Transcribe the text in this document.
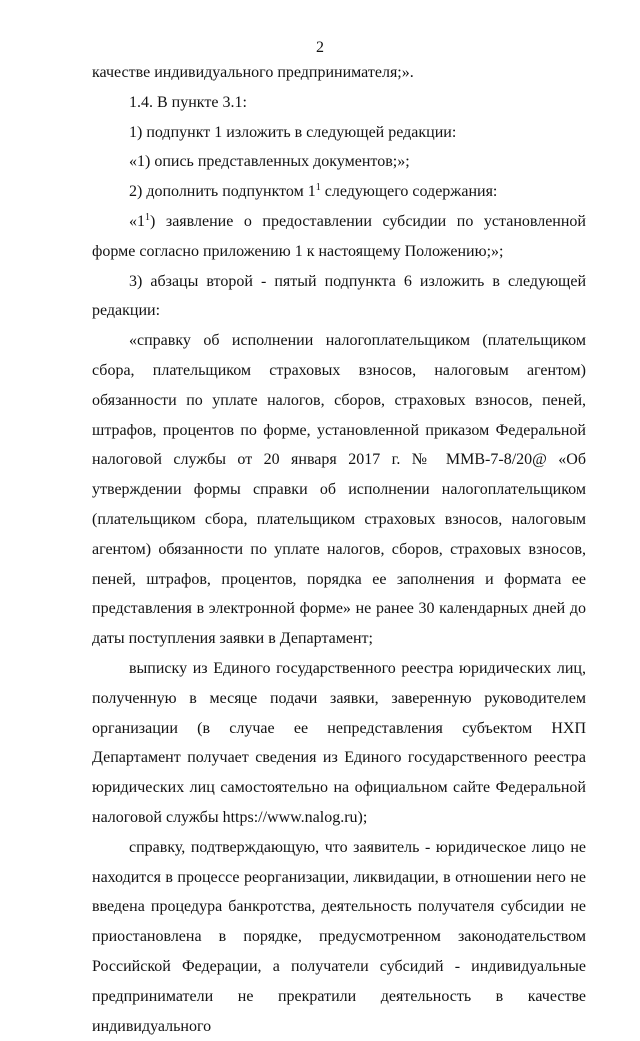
2

качестве индивидуального предпринимателя;».

1.4. В пункте 3.1:

1) подпункт 1 изложить в следующей редакции:

«1) опись представленных документов;»;

2) дополнить подпунктом $1^1$ следующего содержания:

«$1^1$) заявление о предоставлении субсидии по установленной форме согласно приложению 1 к настоящему Положению;»;

3) абзацы второй - пятый подпункта 6 изложить в следующей редакции:

«справку об исполнении налогоплательщиком (плательщиком сбора, плательщиком страховых взносов, налоговым агентом) обязанности по уплате налогов, сборов, страховых взносов, пеней, штрафов, процентов по форме, установленной приказом Федеральной налоговой службы от 20 января 2017 г. № ММВ-7-8/20@ «Об утверждении формы справки об исполнении налогоплательщиком (плательщиком сбора, плательщиком страховых взносов, налоговым агентом) обязанности по уплате налогов, сборов, страховых взносов, пеней, штрафов, процентов, порядка ее заполнения и формата ее представления в электронной форме» не ранее 30 календарных дней до даты поступления заявки в Департамент;

выписку из Единого государственного реестра юридических лиц, полученную в месяце подачи заявки, заверенную руководителем организации (в случае ее непредставления субъектом НХП Департамент получает сведения из Единого государственного реестра юридических лиц самостоятельно на официальном сайте Федеральной налоговой службы https://www.nalog.ru);

справку, подтверждающую, что заявитель - юридическое лицо не находится в процессе реорганизации, ликвидации, в отношении него не введена процедура банкротства, деятельность получателя субсидии не приостановлена в порядке, предусмотренном законодательством Российской Федерации, а получатели субсидий - индивидуальные предприниматели не прекратили деятельность в качестве индивидуального
